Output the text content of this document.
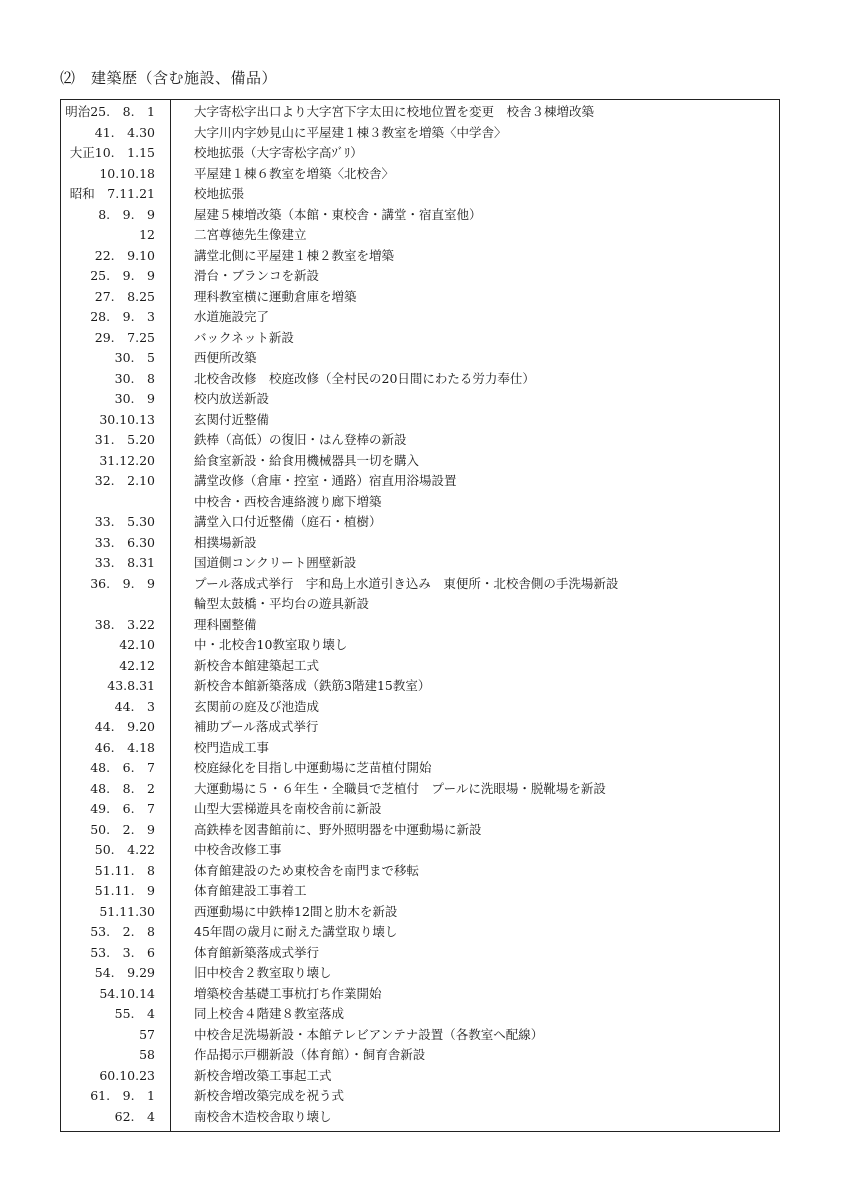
⑵　建築歴（含む施設、備品）
明治25.　8.　1	大字寄松字出口より大字宮下字太田に校地位置を変更　校舎３棟増改築
41.　4.30	大字川内字妙見山に平屋建１棟３教室を増築〈中学舎〉
大正10.　1.15	校地拡張（大字寄松字高ｿﾞﾘ）
10.10.18	平屋建１棟６教室を増築〈北校舎〉
昭和　7.11.21	校地拡張
8.　9.　9	屋建５棟増改築（本館・東校舎・講堂・宿直室他）
12	二宮尊徳先生像建立
22.　9.10	講堂北側に平屋建１棟２教室を増築
25.　9.　9	滑台・ブランコを新設
27.　8.25	理科教室横に運動倉庫を増築
28.　9.　3	水道施設完了
29.　7.25	バックネット新設
30.　5	西便所改築
30.　8	北校舎改修　校庭改修（全村民の20日間にわたる労力奉仕）
30.　9	校内放送新設
30.10.13	玄関付近整備
31.　5.20	鉄棒（高低）の復旧・はん登棒の新設
31.12.20	給食室新設・給食用機械器具一切を購入
32.　2.10	講堂改修（倉庫・控室・通路）宿直用浴場設置
中校舎・西校舎連絡渡り廊下増築
33.　5.30	講堂入口付近整備（庭石・植樹）
33.　6.30	相撲場新設
33.　8.31	国道側コンクリート囲壁新設
36.　9.　9	プール落成式挙行　宇和島上水道引き込み　東便所・北校舎側の手洗場新設
輪型太鼓橋・平均台の遊具新設
38.　3.22	理科園整備
42.10	中・北校舎10教室取り壊し
42.12	新校舎本館建築起工式
43.8.31	新校舎本館新築落成（鉄筋3階建15教室）
44.　3	玄関前の庭及び池造成
44.　9.20	補助プール落成式挙行
46.　4.18	校門造成工事
48.　6.　7	校庭緑化を目指し中運動場に芝苗植付開始
48.　8.　2	大運動場に５・６年生・全職員で芝植付　プールに洗眼場・脱靴場を新設
49.　6.　7	山型大雲梯遊具を南校舎前に新設
50.　2.　9	高鉄棒を図書館前に、野外照明器を中運動場に新設
50.　4.22	中校舎改修工事
51.11.　8	体育館建設のため東校舎を南門まで移転
51.11.　9	体育館建設工事着工
51.11.30	西運動場に中鉄棒12間と肋木を新設
53.　2.　8	45年間の歳月に耐えた講堂取り壊し
53.　3.　6	体育館新築落成式挙行
54.　9.29	旧中校舎２教室取り壊し
54.10.14	増築校舎基礎工事杭打ち作業開始
55.　4	同上校舎４階建８教室落成
57	中校舎足洗場新設・本館テレビアンテナ設置（各教室へ配線）
58	作品掲示戸棚新設（体育館）・飼育舎新設
60.10.23	新校舎増改築工事起工式
61.　9.　1	新校舎増改築完成を祝う式
62.　4	南校舎木造校舎取り壊し
